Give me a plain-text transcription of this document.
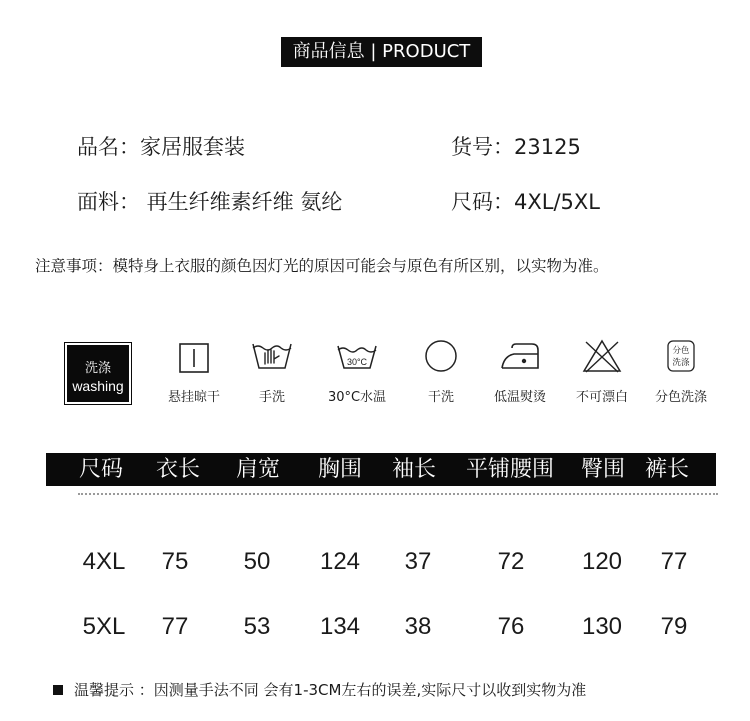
商品信息 | PRODUCT
品名：家居服套装	货号：23125
面料： 再生纤维素纤维 氨纶	尺码：4XL/5XL
注意事项：模特身上衣服的颜色因灯光的原因可能会与原色有所区别，以实物为准。
洗涤
washing
悬挂晾干	手洗
30°C
30°C水温	干洗	低温熨烫	不可漂白
分色
洗涤
分色洗涤
尺码 衣长 肩宽 胸围 袖长 平铺腰围 臀围 裤长
4XL 75 50 124 37	72 120 77
5XL 77 53 134 38	76 130 79
温馨提示 ：因测量手法不同 会有1-3CM左右的误差,实际尺寸以收到实物为准
